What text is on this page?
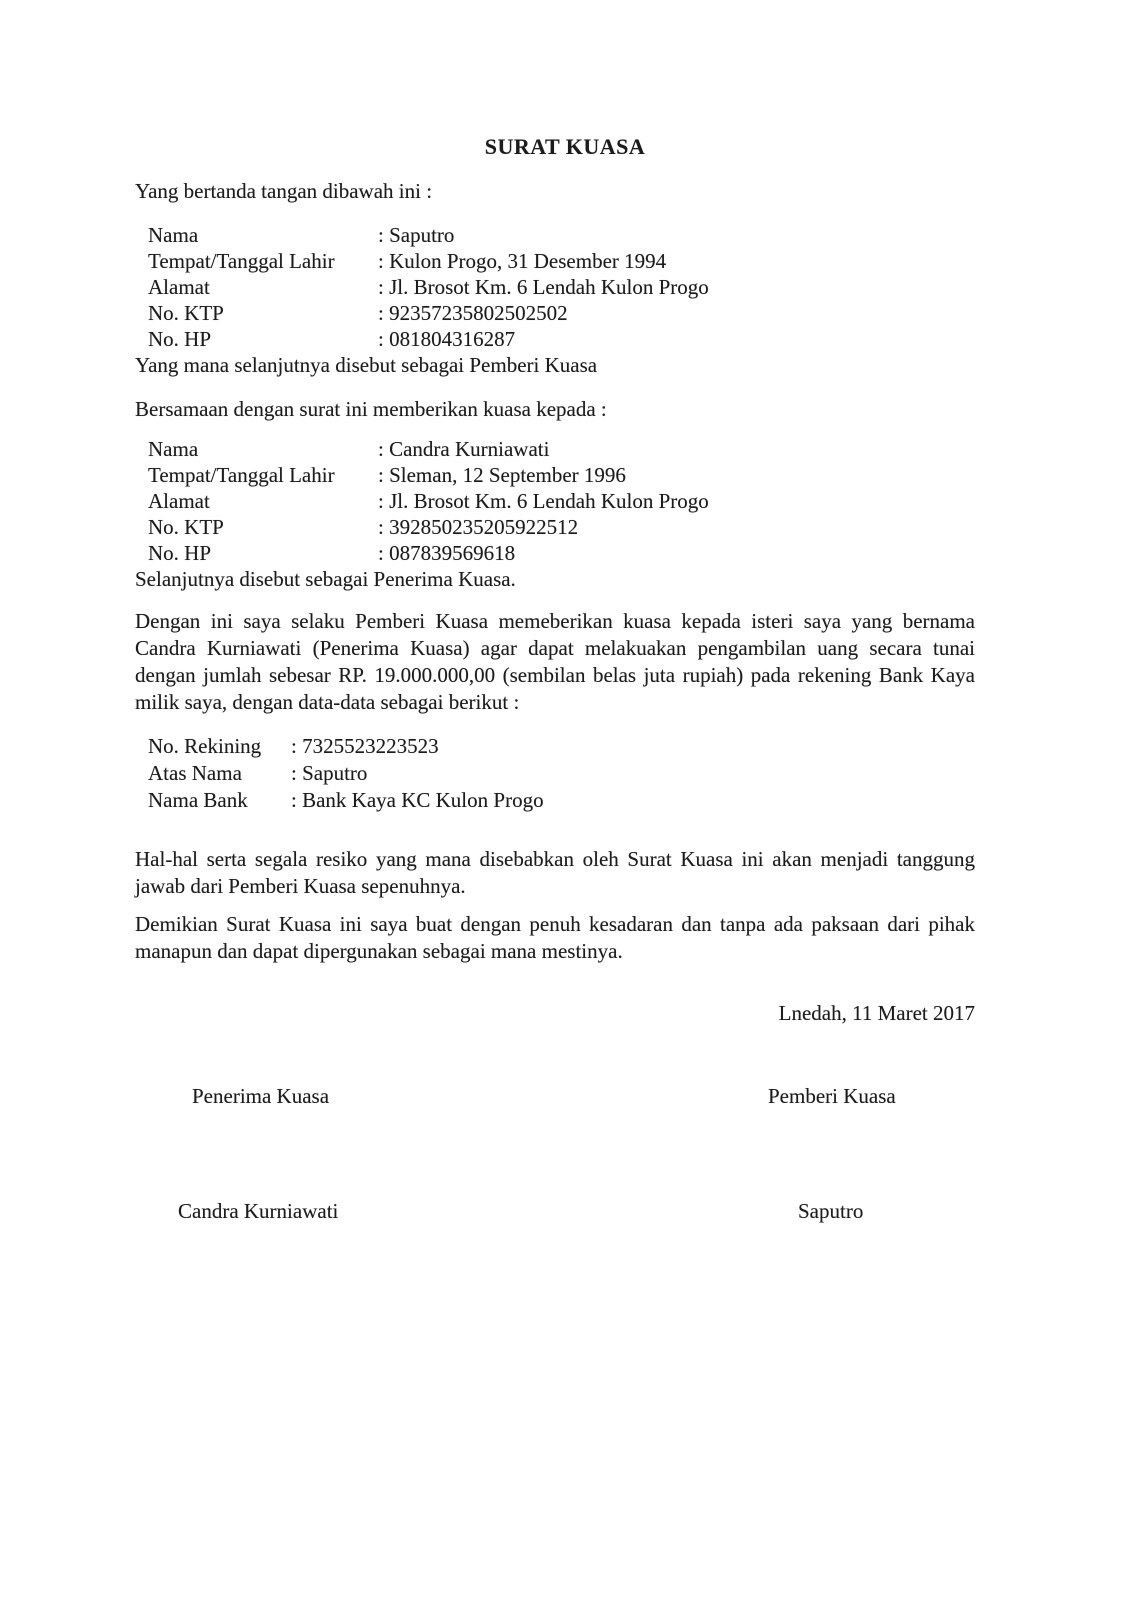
SURAT KUASA

Yang bertanda tangan dibawah ini :

Nama	: Saputro
Tempat/Tanggal Lahir	: Kulon Progo, 31 Desember 1994
Alamat	: Jl. Brosot Km. 6 Lendah Kulon Progo
No. KTP	: 92357235802502502
No. HP	: 081804316287

Yang mana selanjutnya disebut sebagai Pemberi Kuasa

Bersamaan dengan surat ini memberikan kuasa kepada :

Nama	: Candra Kurniawati
Tempat/Tanggal Lahir	: Sleman, 12 September 1996
Alamat	: Jl. Brosot Km. 6 Lendah Kulon Progo
No. KTP	: 392850235205922512
No. HP	: 087839569618

Selanjutnya disebut sebagai Penerima Kuasa.

Dengan ini saya selaku Pemberi Kuasa memeberikan kuasa kepada isteri saya yang bernama Candra Kurniawati (Penerima Kuasa) agar dapat melakuakan pengambilan uang secara tunai dengan jumlah sebesar RP. 19.000.000,00 (sembilan belas juta rupiah) pada rekening Bank Kaya milik saya, dengan data-data sebagai berikut :

No. Rekining	: 7325523223523
Atas Nama	: Saputro
Nama Bank	: Bank Kaya KC Kulon Progo

Hal-hal serta segala resiko yang mana disebabkan oleh Surat Kuasa ini akan menjadi tanggung jawab dari Pemberi Kuasa sepenuhnya.

Demikian Surat Kuasa ini saya buat dengan penuh kesadaran dan tanpa ada paksaan dari pihak manapun dan dapat dipergunakan sebagai mana mestinya.

Lnedah, 11 Maret 2017

Penerima Kuasa	Pemberi Kuasa
Candra Kurniawati	Saputro
